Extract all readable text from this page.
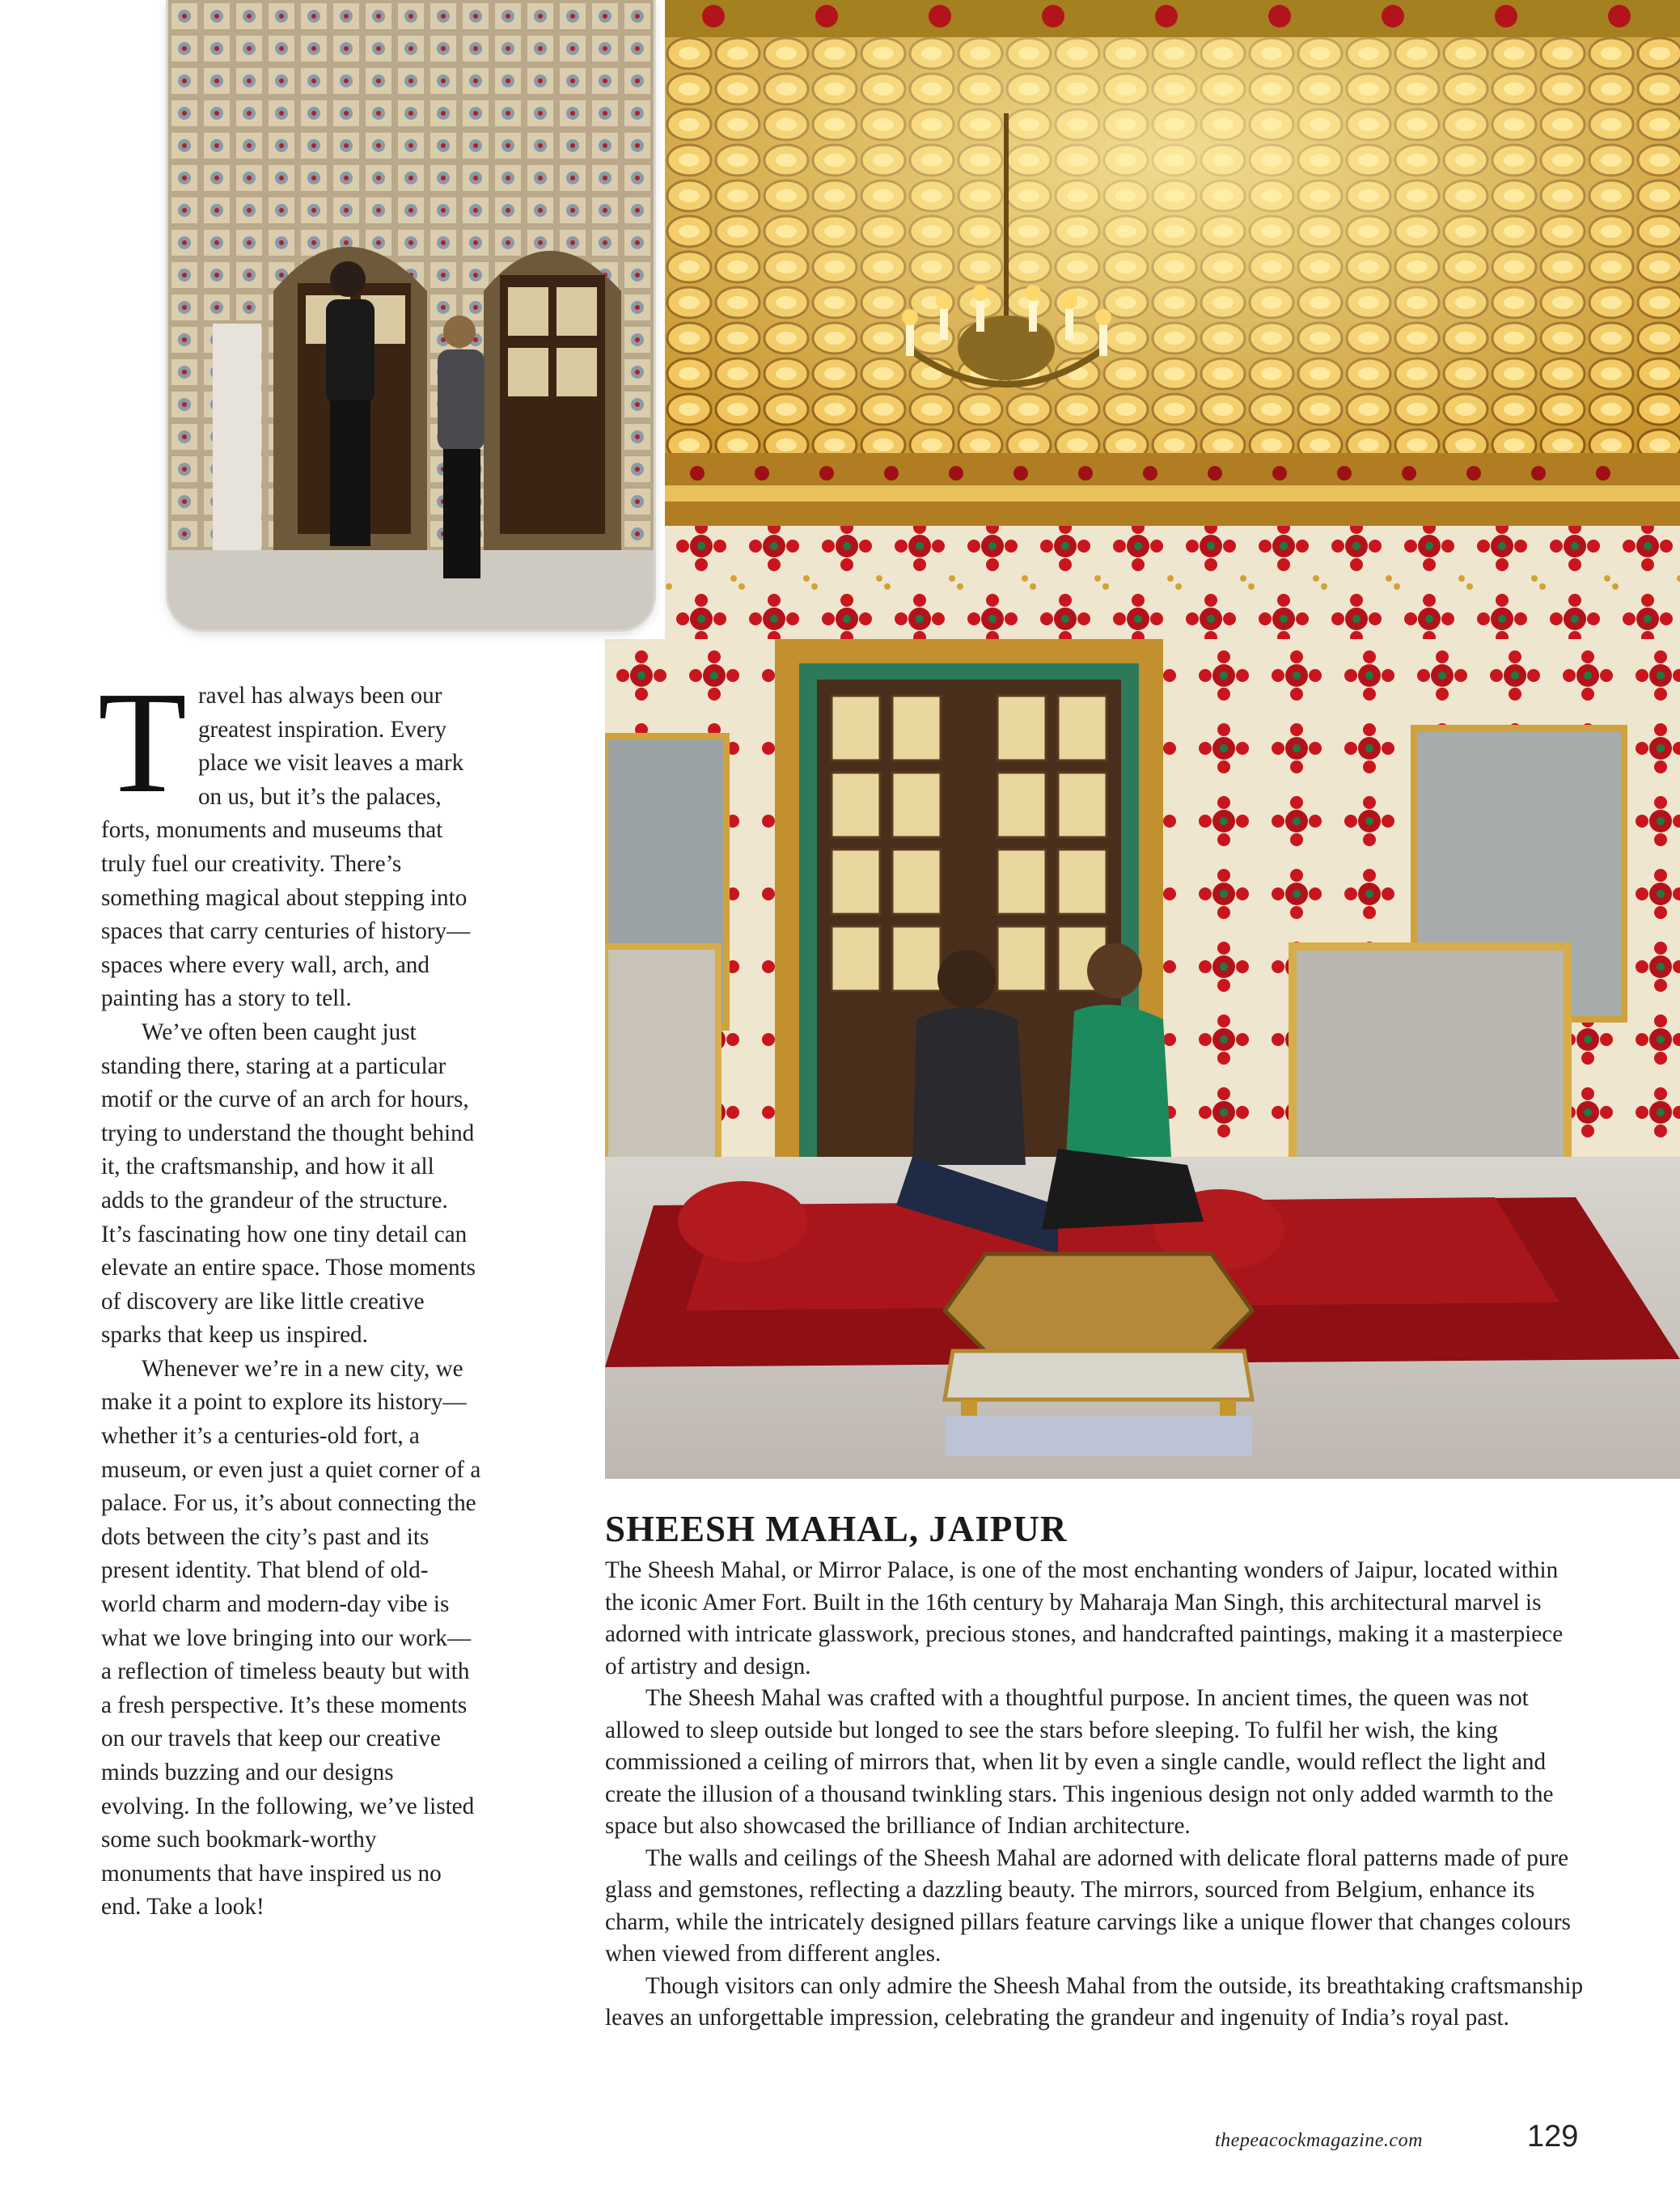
Travel has always been our greatest inspiration. Every place we visit leaves a mark on us, but it’s the palaces, forts, monuments and museums that truly fuel our creativity. There’s something magical about stepping into spaces that carry centuries of history—spaces where every wall, arch, and painting has a story to tell.

We’ve often been caught just standing there, staring at a particular motif or the curve of an arch for hours, trying to understand the thought behind it, the craftsmanship, and how it all adds to the grandeur of the structure. It’s fascinating how one tiny detail can elevate an entire space. Those moments of discovery are like little creative sparks that keep us inspired.

Whenever we’re in a new city, we make it a point to explore its history—whether it’s a centuries-old fort, a museum, or even just a quiet corner of a palace. For us, it’s about connecting the dots between the city’s past and its present identity. That blend of old-world charm and modern-day vibe is what we love bringing into our work—a reflection of timeless beauty but with a fresh perspective. It’s these moments on our travels that keep our creative minds buzzing and our designs evolving. In the following, we’ve listed some such bookmark-worthy monuments that have inspired us no end. Take a look!

SHEESH MAHAL, JAIPUR

The Sheesh Mahal, or Mirror Palace, is one of the most enchanting wonders of Jaipur, located within the iconic Amer Fort. Built in the 16th century by Maharaja Man Singh, this architectural marvel is adorned with intricate glasswork, precious stones, and handcrafted paintings, making it a masterpiece of artistry and design.

The Sheesh Mahal was crafted with a thoughtful purpose. In ancient times, the queen was not allowed to sleep outside but longed to see the stars before sleeping. To fulfil her wish, the king commissioned a ceiling of mirrors that, when lit by even a single candle, would reflect the light and create the illusion of a thousand twinkling stars. This ingenious design not only added warmth to the space but also showcased the brilliance of Indian architecture.

The walls and ceilings of the Sheesh Mahal are adorned with delicate floral patterns made of pure glass and gemstones, reflecting a dazzling beauty. The mirrors, sourced from Belgium, enhance its charm, while the intricately designed pillars feature carvings like a unique flower that changes colours when viewed from different angles.

Though visitors can only admire the Sheesh Mahal from the outside, its breathtaking craftsmanship leaves an unforgettable impression, celebrating the grandeur and ingenuity of India’s royal past.

thepeacockmagazine.com	129
